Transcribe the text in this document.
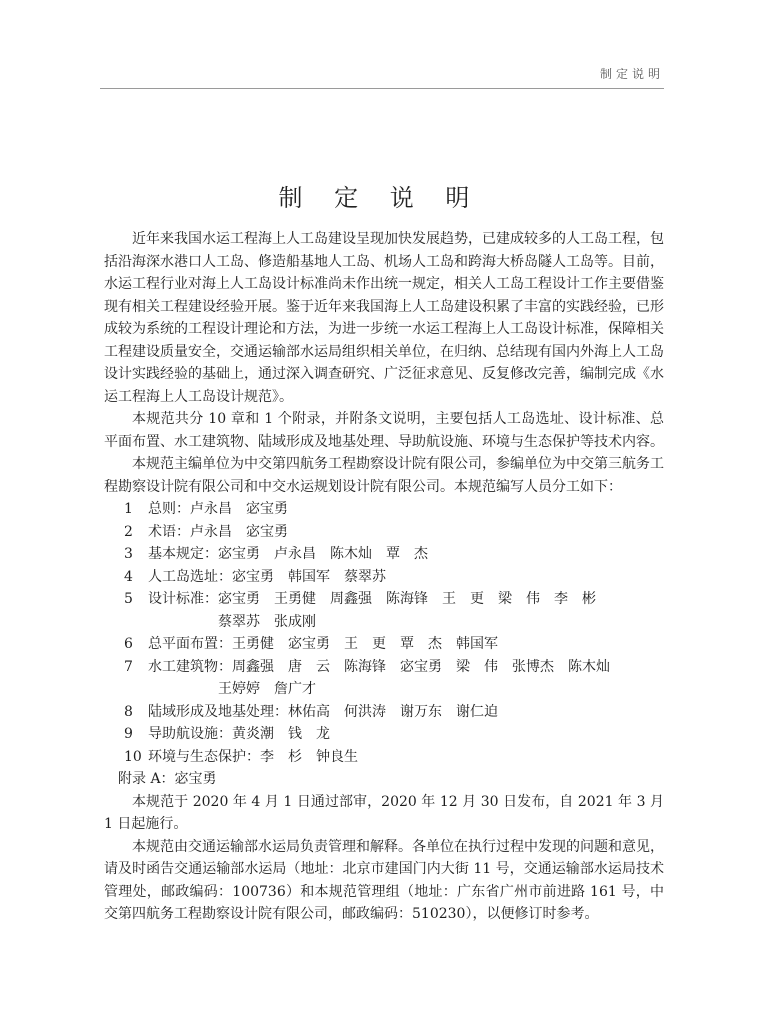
制定说明
制 定 说 明

近年来我国水运工程海上人工岛建设呈现加快发展趋势，已建成较多的人工岛工程，包括沿海深水港口人工岛、修造船基地人工岛、机场人工岛和跨海大桥岛隧人工岛等。目前，水运工程行业对海上人工岛设计标准尚未作出统一规定，相关人工岛工程设计工作主要借鉴现有相关工程建设经验开展。鉴于近年来我国海上人工岛建设积累了丰富的实践经验，已形成较为系统的工程设计理论和方法，为进一步统一水运工程海上人工岛设计标准，保障相关工程建设质量安全，交通运输部水运局组织相关单位，在归纳、总结现有国内外海上人工岛设计实践经验的基础上，通过深入调查研究、广泛征求意见、反复修改完善，编制完成《水运工程海上人工岛设计规范》。

本规范共分 10 章和 1 个附录，并附条文说明，主要包括人工岛选址、设计标准、总平面布置、水工建筑物、陆域形成及地基处理、导助航设施、环境与生态保护等技术内容。

本规范主编单位为中交第四航务工程勘察设计院有限公司，参编单位为中交第三航务工程勘察设计院有限公司和中交水运规划设计院有限公司。本规范编写人员分工如下：

1	总则：卢永昌　宓宝勇
2	术语：卢永昌　宓宝勇
3	基本规定：宓宝勇　卢永昌　陈木灿　覃　杰
4	人工岛选址：宓宝勇　韩国军　蔡翠苏
5	设计标准：宓宝勇　王勇健　周鑫强　陈海锋　王　更　梁　伟　李　彬
蔡翠苏　张成刚
6	总平面布置：王勇健　宓宝勇　王　更　覃　杰　韩国军
7	水工建筑物：周鑫强　唐　云　陈海锋　宓宝勇　梁　伟　张博杰　陈木灿
王婷婷　詹广才
8	陆域形成及地基处理：林佑高　何洪涛　谢万东　谢仁迫
9	导助航设施：黄炎潮　钱　龙
10 环境与生态保护：李　杉　钟良生

附录 A：宓宝勇

本规范于 2020 年 4 月 1 日通过部审，2020 年 12 月 30 日发布，自 2021 年 3 月 1 日起施行。

本规范由交通运输部水运局负责管理和解释。各单位在执行过程中发现的问题和意见，请及时函告交通运输部水运局（地址：北京市建国门内大街 11 号，交通运输部水运局技术管理处，邮政编码：100736）和本规范管理组（地址：广东省广州市前进路 161 号，中交第四航务工程勘察设计院有限公司，邮政编码：510230），以便修订时参考。
